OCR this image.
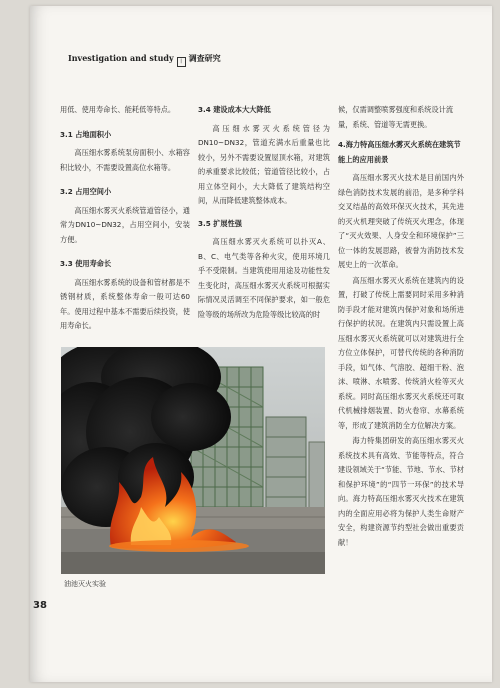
Investigation and study | 调查研究

用低、使用寿命长、能耗低等特点。

3.1 占地面积小

高压细水雾系统泵房面积小、水箱容积比较小，不需要设置高位水箱等。

3.2 占用空间小

高压细水雾灭火系统管道管径小，通常为DN10~DN32，占用空间小，安装方便。

3.3 使用寿命长

高压细水雾系统的设备和管材都是不锈钢材质，系统整体寿命一般可达60年。使用过程中基本不需要后续投资，使用寿命长。

3.4 建设成本大大降低

高压细水雾灭火系统管径为DN10~DN32，管道充满水后重量也比较小，另外不需要设置屋顶水箱，对建筑的承重要求比较低；管道管径比较小，占用立体空间小，大大降低了建筑结构空间，从而降低建筑整体成本。

3.5 扩展性强

高压细水雾灭火系统可以扑灭A、B、C、电气类等各种火灾，使用环境几乎不受限制。当建筑使用用途及功能性发生变化时，高压细水雾灭火系统可根据实际情况灵活调至不同保护要求，如一般危险等级的场所改为危险等级比较高的时

候，仅需调整喷雾强度和系统设计流量，系统、管道等无需更换。

4.海力特高压细水雾灭火系统在建筑节能上的应用前景

高压细水雾灭火技术是目前国内外绿色消防技术发展的前沿，是多种学科交叉结晶的高效环保灭火技术，其先进的灭火机理突破了传统灭火理念，体现了“灭火效果、人身安全和环境保护”三位一体的发展思路，被誉为消防技术发展史上的一次革命。

高压细水雾灭火系统在建筑内的设置，打破了传统上需要同时采用多种消防手段才能对建筑内保护对象和场所进行保护的状况。在建筑内只需设置上高压细水雾灭火系统就可以对建筑进行全方位立体保护，可替代传统的各种消防手段，如气体、气溶胶、超细干粉、泡沫、喷淋、水喷雾、传统消火栓等灭火系统。同时高压细水雾灭火系统还可取代机械排烟装置、防火卷帘、水幕系统等，形成了建筑消防全方位解决方案。

海力特集团研发的高压细水雾灭火系统技术具有高效、节能等特点，符合建设领域关于“节能、节地、节水、节材和保护环境”的“四节一环保”的技术导向。海力特高压细水雾灭火技术在建筑内的全面应用必将为保护人类生命财产安全，构建资源节约型社会做出重要贡献！

油池灭火实验
38
